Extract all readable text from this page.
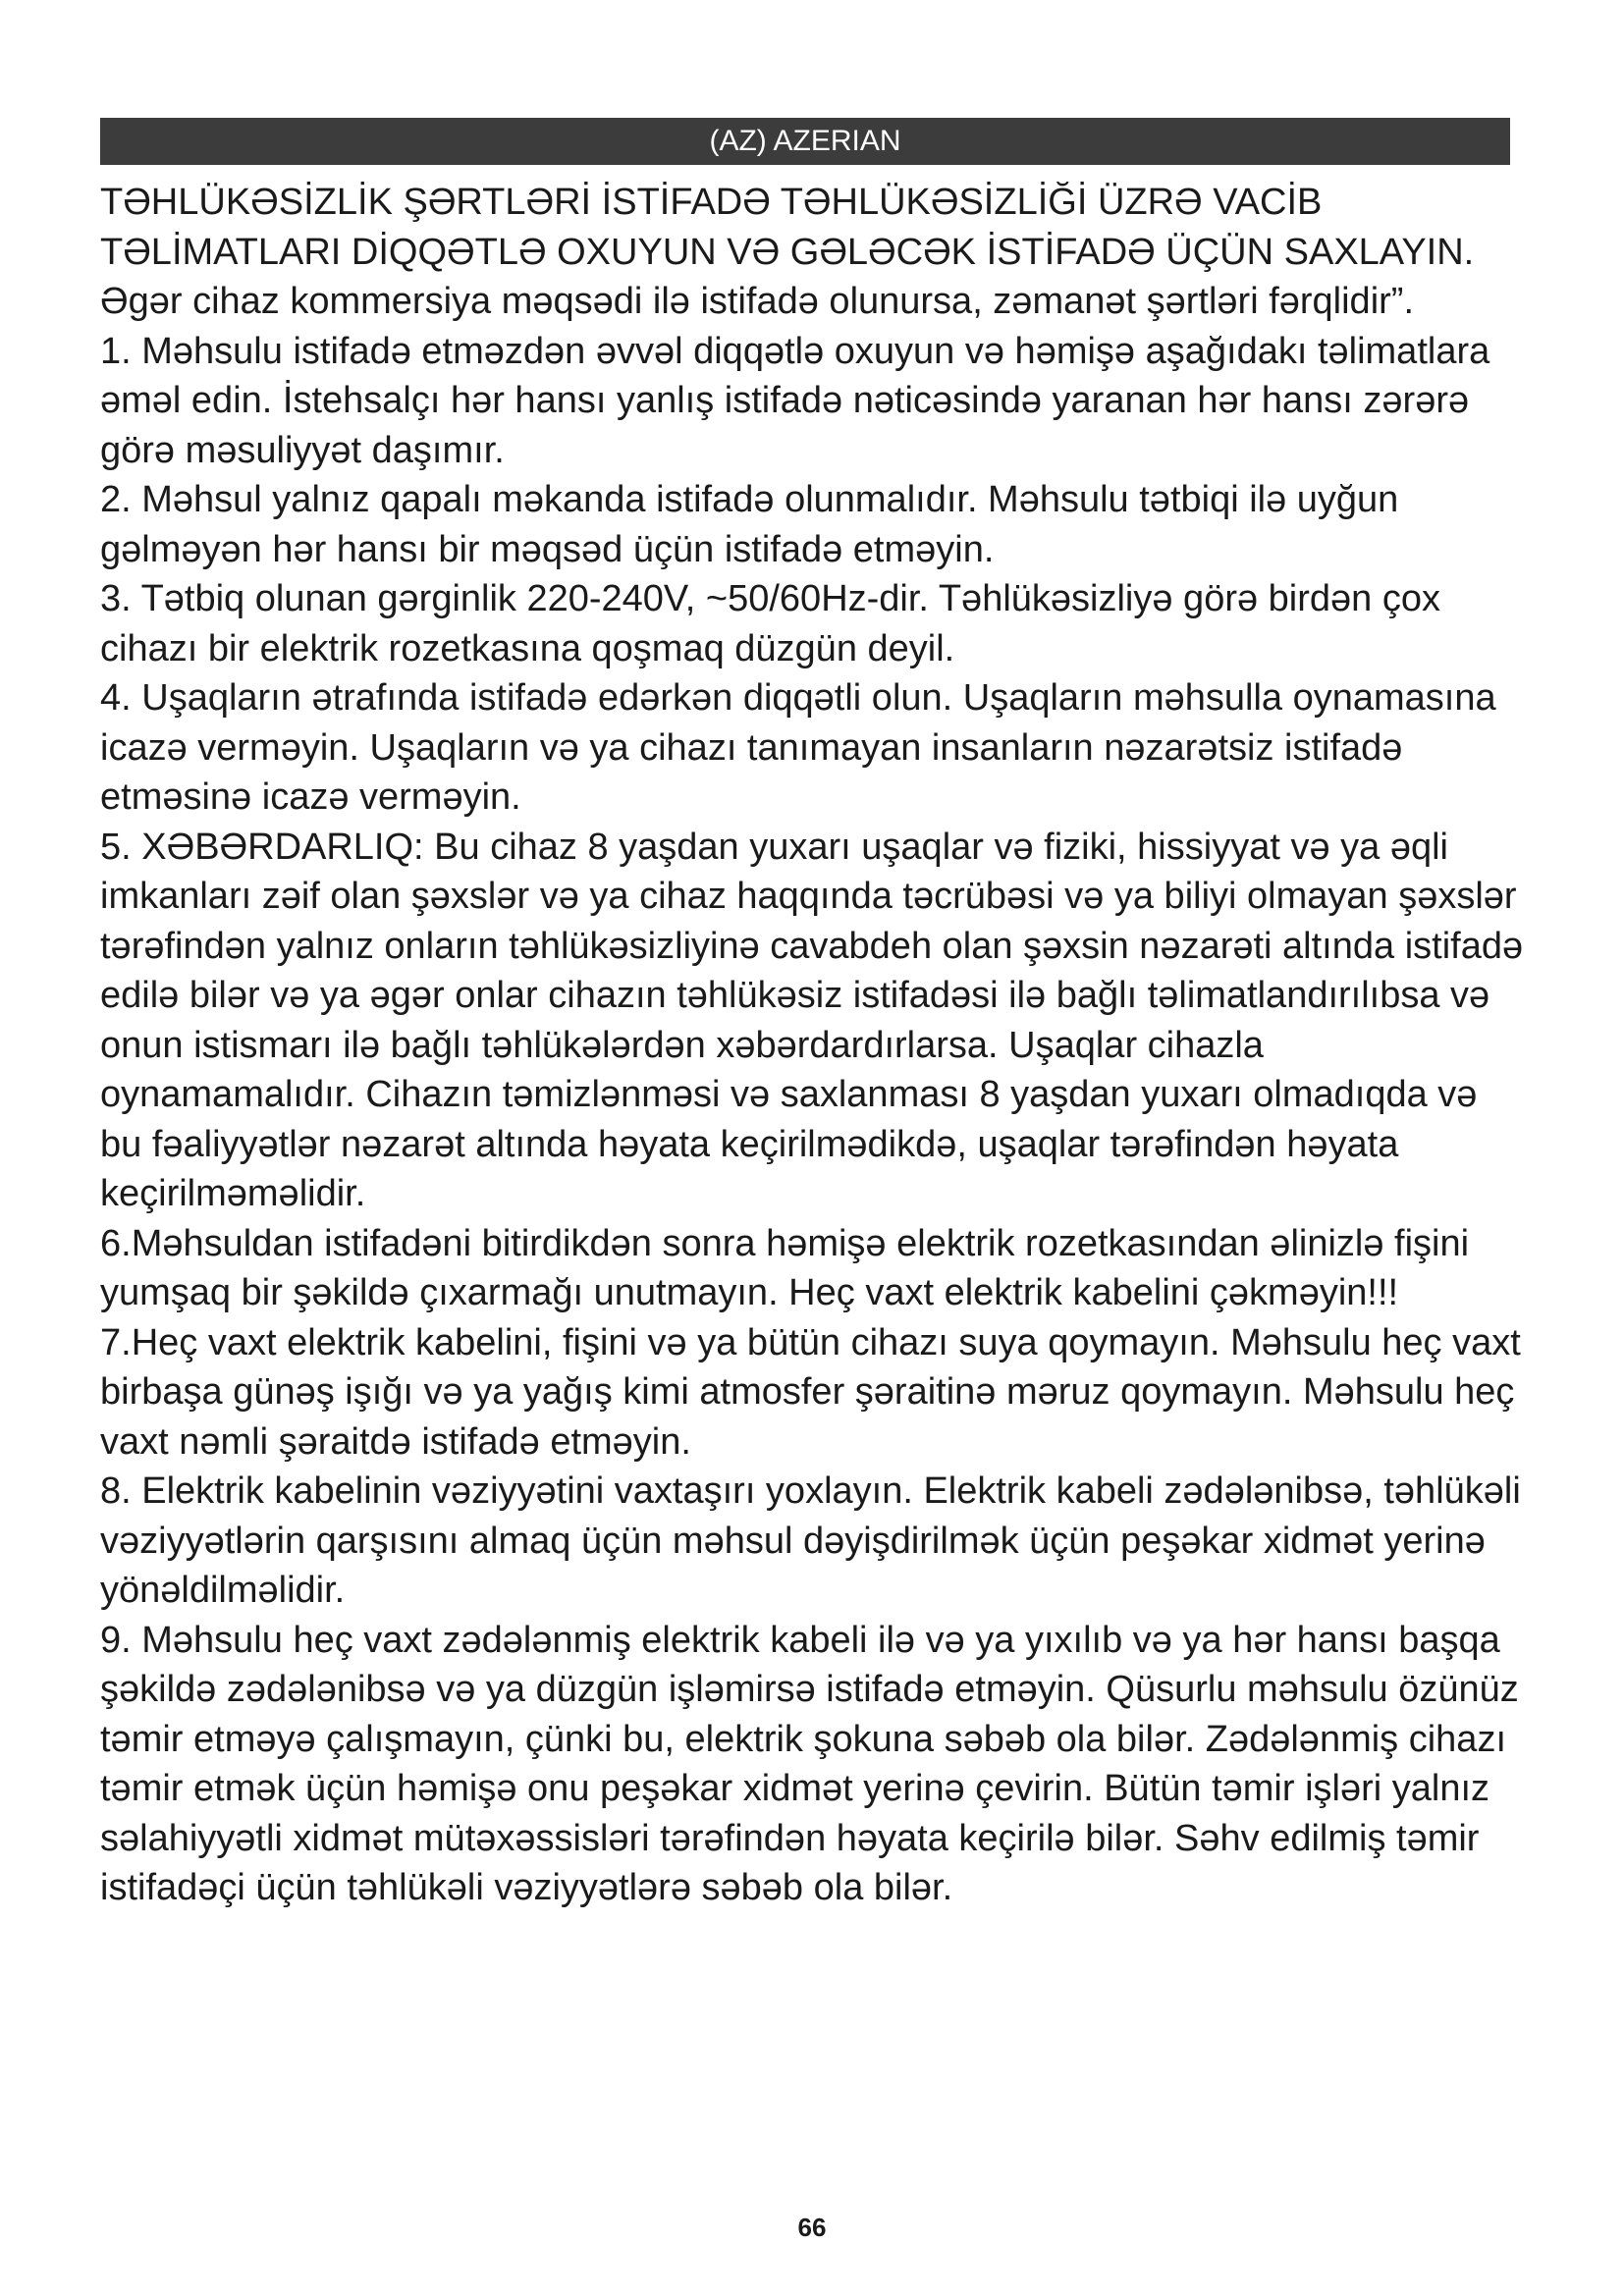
(AZ) AZERIAN

TƏHLÜKƏSİZLİK ŞƏRTLƏRİ İSTİFADƏ TƏHLÜKƏSİZLİĞİ ÜZRƏ VACİB TƏLİMATLARI DİQQƏTLƏ OXUYUN VƏ GƏLƏCƏK İSTİFADƏ ÜÇÜN SAXLAYIN.

Əgər cihaz kommersiya məqsədi ilə istifadə olunursa, zəmanət şərtləri fərqlidir”.

1. Məhsulu istifadə etməzdən əvvəl diqqətlə oxuyun və həmişə aşağıdakı təlimatlara əməl edin. İstehsalçı hər hansı yanlış istifadə nəticəsində yaranan hər hansı zərərə görə məsuliyyət daşımır.

2. Məhsul yalnız qapalı məkanda istifadə olunmalıdır. Məhsulu tətbiqi ilə uyğun gəlməyən hər hansı bir məqsəd üçün istifadə etməyin.

3. Tətbiq olunan gərginlik 220-240V, ~50/60Hz-dir. Təhlükəsizliyə görə birdən çox cihazı bir elektrik rozetkasına qoşmaq düzgün deyil.

4. Uşaqların ətrafında istifadə edərkən diqqətli olun. Uşaqların məhsulla oynamasına icazə verməyin. Uşaqların və ya cihazı tanımayan insanların nəzarətsiz istifadə etməsinə icazə verməyin.

5. XƏBƏRDARLIQ: Bu cihaz 8 yaşdan yuxarı uşaqlar və fiziki, hissiyyat və ya əqli imkanları zəif olan şəxslər və ya cihaz haqqında təcrübəsi və ya biliyi olmayan şəxslər tərəfindən yalnız onların təhlükəsizliyinə cavabdeh olan şəxsin nəzarəti altında istifadə edilə bilər və ya əgər onlar cihazın təhlükəsiz istifadəsi ilə bağlı təlimatlandırılıbsa və onun istismarı ilə bağlı təhlükələrdən xəbərdardırlarsa. Uşaqlar cihazla oynamamalıdır. Cihazın təmizlənməsi və saxlanması 8 yaşdan yuxarı olmadıqda və bu fəaliyyətlər nəzarət altında həyata keçirilmədikdə, uşaqlar tərəfindən həyata keçirilməməlidir.

6.Məhsuldan istifadəni bitirdikdən sonra həmişə elektrik rozetkasından əlinizlə fişini yumşaq bir şəkildə çıxarmağı unutmayın. Heç vaxt elektrik kabelini çəkməyin!!!

7.Heç vaxt elektrik kabelini, fişini və ya bütün cihazı suya qoymayın. Məhsulu heç vaxt birbaşa günəş işığı və ya yağış kimi atmosfer şəraitinə məruz qoymayın. Məhsulu heç vaxt nəmli şəraitdə istifadə etməyin.

8. Elektrik kabelinin vəziyyətini vaxtaşırı yoxlayın. Elektrik kabeli zədələnibsə, təhlükəli vəziyyətlərin qarşısını almaq üçün məhsul dəyişdirilmək üçün peşəkar xidmət yerinə yönəldilməlidir.

9. Məhsulu heç vaxt zədələnmiş elektrik kabeli ilə və ya yıxılıb və ya hər hansı başqa şəkildə zədələnibsə və ya düzgün işləmirsə istifadə etməyin. Qüsurlu məhsulu özünüz təmir etməyə çalışmayın, çünki bu, elektrik şokuna səbəb ola bilər. Zədələnmiş cihazı təmir etmək üçün həmişə onu peşəkar xidmət yerinə çevirin. Bütün təmir işləri yalnız səlahiyyətli xidmət mütəxəssisləri tərəfindən həyata keçirilə bilər. Səhv edilmiş təmir istifadəçi üçün təhlükəli vəziyyətlərə səbəb ola bilər.

66
